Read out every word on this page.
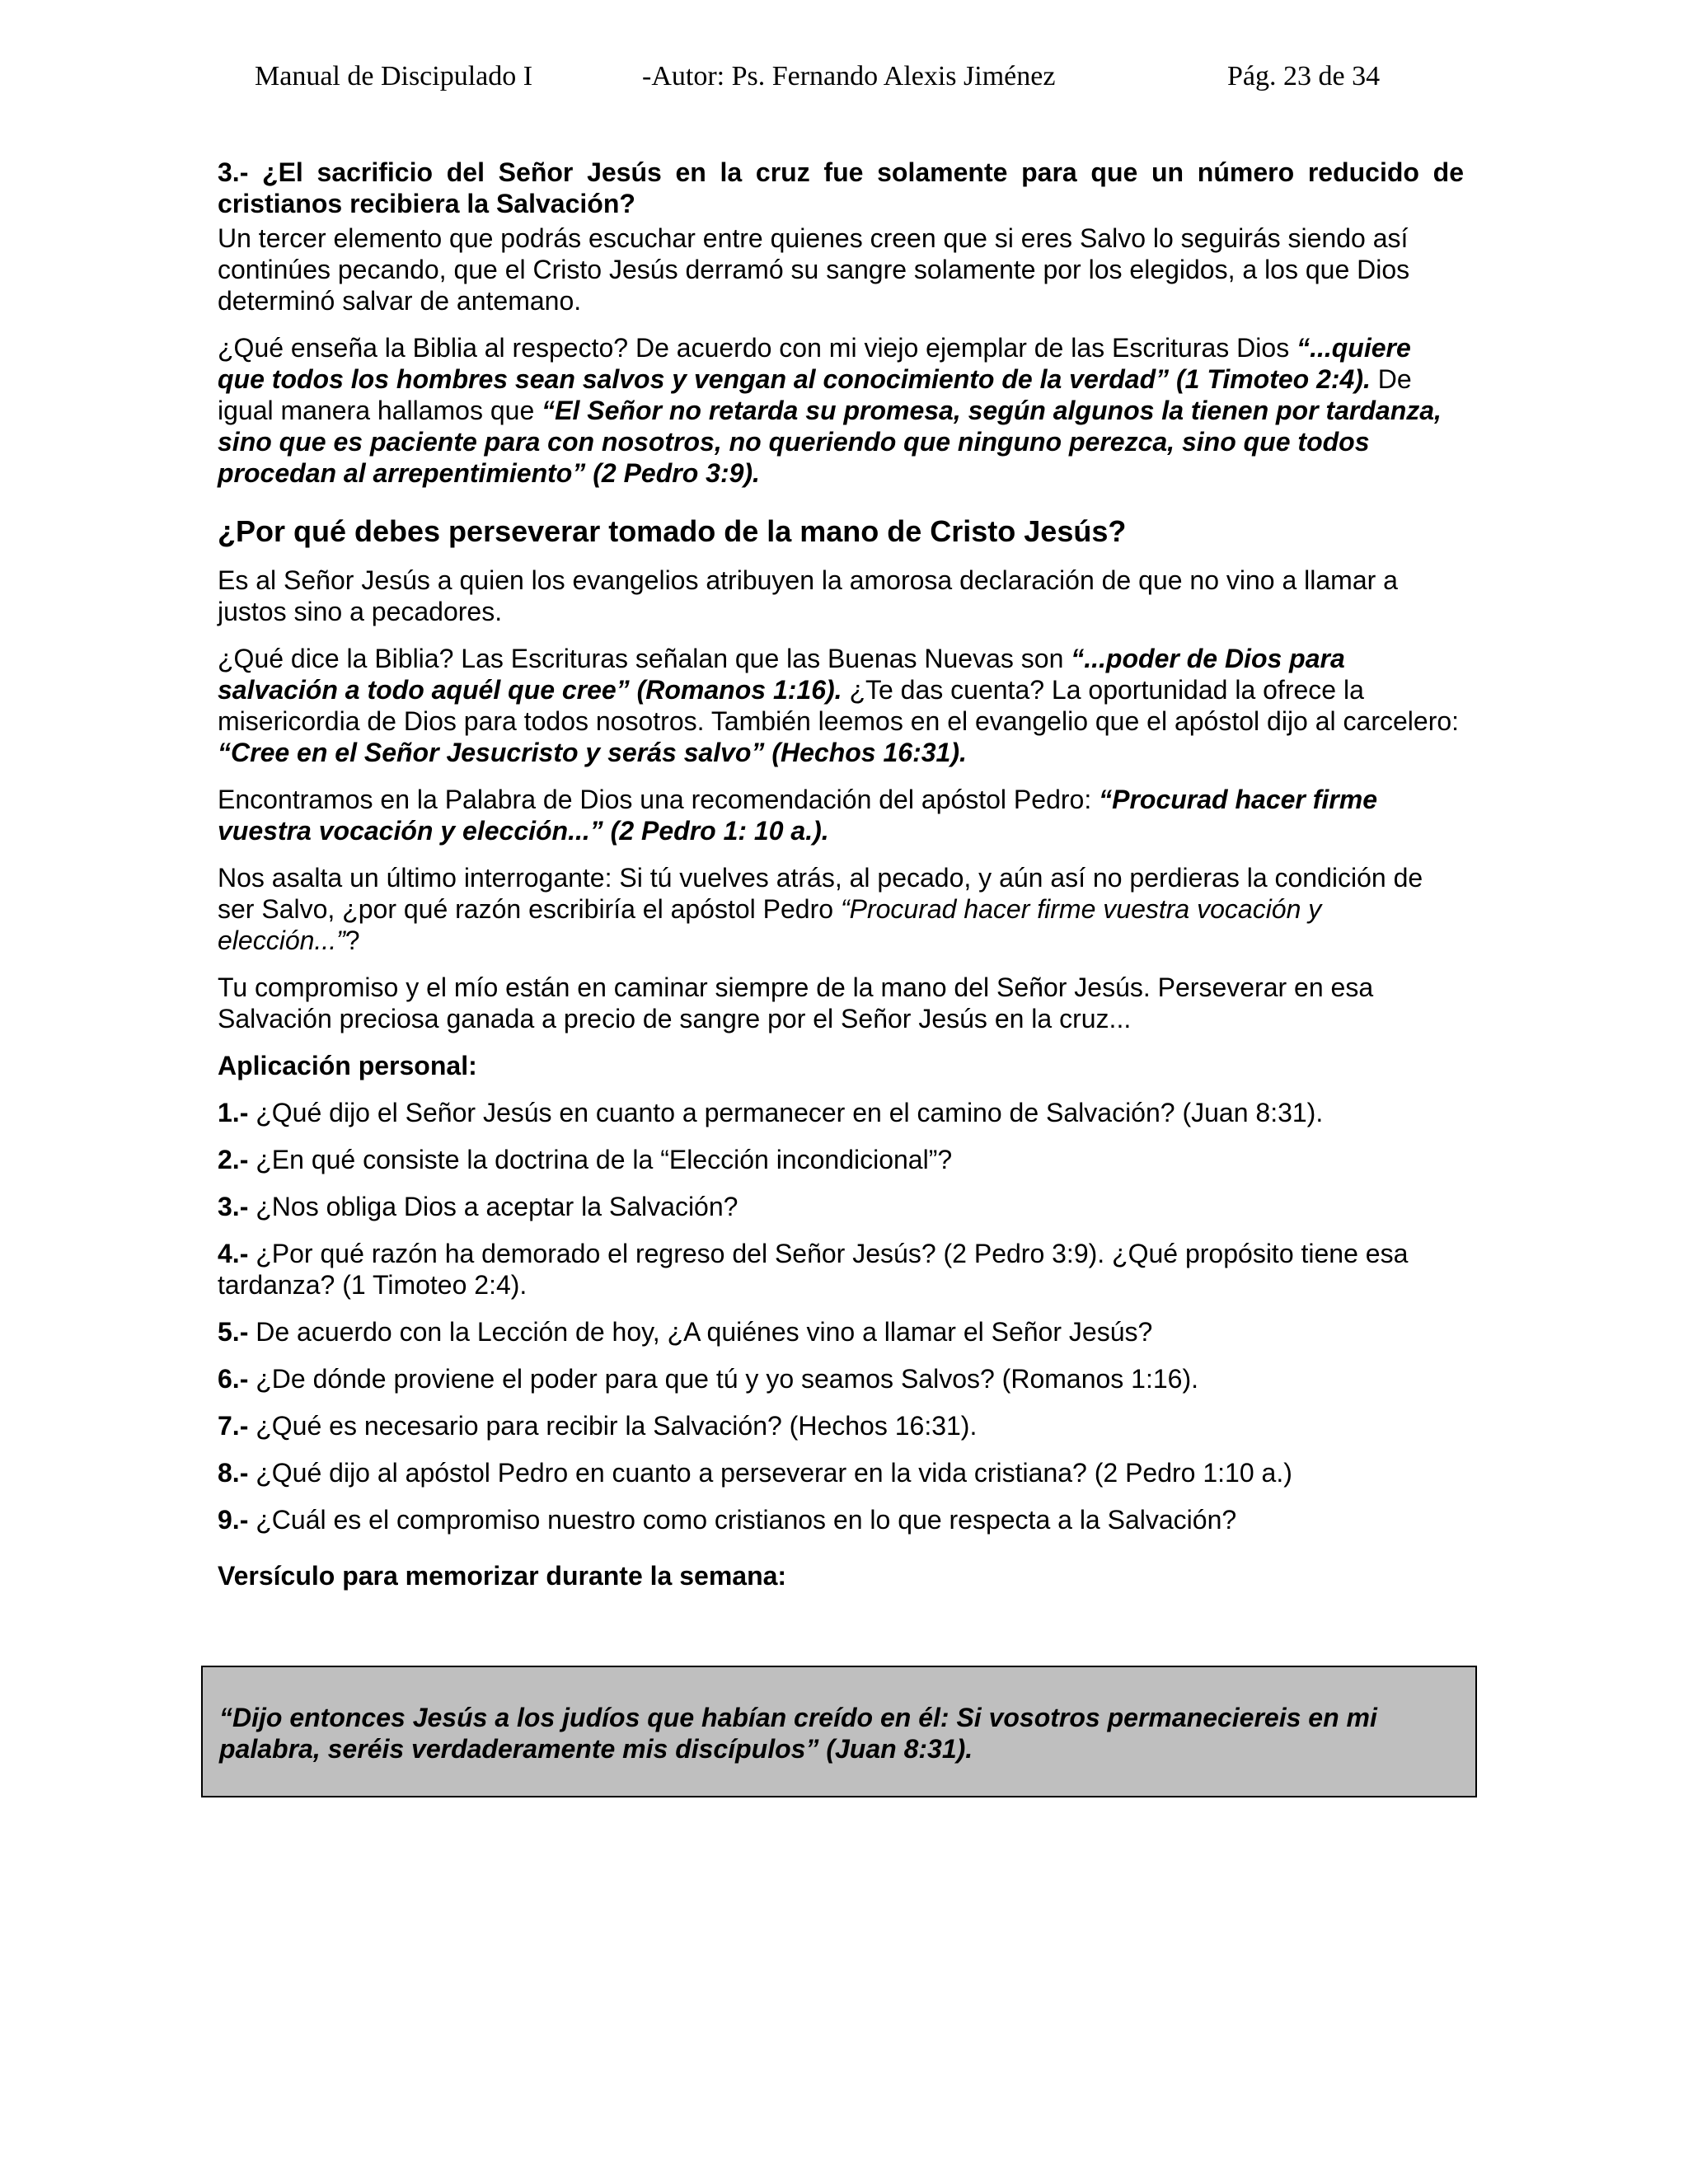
Manual de Discipulado I	-Autor: Ps. Fernando Alexis Jiménez	Pág. 23 de 34

3.- ¿El sacrificio del Señor Jesús en la cruz fue solamente para que un número reducido de cristianos recibiera la Salvación?

Un tercer elemento que podrás escuchar entre quienes creen que si eres Salvo lo seguirás siendo así continúes pecando, que el Cristo Jesús derramó su sangre solamente por los elegidos, a los que Dios determinó salvar de antemano.

¿Qué enseña la Biblia al respecto? De acuerdo con mi viejo ejemplar de las Escrituras Dios “...quiere que todos los hombres sean salvos y vengan al conocimiento de la verdad” (1 Timoteo 2:4). De igual manera hallamos que “El Señor no retarda su promesa, según algunos la tienen por tardanza, sino que es paciente para con nosotros, no queriendo que ninguno perezca, sino que todos procedan al arrepentimiento” (2 Pedro 3:9).

¿Por qué debes perseverar tomado de la mano de Cristo Jesús?

Es al Señor Jesús a quien los evangelios atribuyen la amorosa declaración de que no vino a llamar a justos sino a pecadores.

¿Qué dice la Biblia? Las Escrituras señalan que las Buenas Nuevas son “...poder de Dios para salvación a todo aquél que cree” (Romanos 1:16). ¿Te das cuenta? La oportunidad la ofrece la misericordia de Dios para todos nosotros. También leemos en el evangelio que el apóstol dijo al carcelero: “Cree en el Señor Jesucristo y serás salvo” (Hechos 16:31).

Encontramos en la Palabra de Dios una recomendación del apóstol Pedro: “Procurad hacer firme vuestra vocación y elección...” (2 Pedro 1: 10 a.).

Nos asalta un último interrogante: Si tú vuelves atrás, al pecado, y aún así no perdieras la condición de ser Salvo, ¿por qué razón escribiría el apóstol Pedro “Procurad hacer firme vuestra vocación y elección...”?

Tu compromiso y el mío están en caminar siempre de la mano del Señor Jesús. Perseverar en esa Salvación preciosa ganada a precio de sangre por el Señor Jesús en la cruz...

Aplicación personal:

1.- ¿Qué dijo el Señor Jesús en cuanto a permanecer en el camino de Salvación? (Juan 8:31).
2.- ¿En qué consiste la doctrina de la “Elección incondicional”?
3.- ¿Nos obliga Dios a aceptar la Salvación?
4.- ¿Por qué razón ha demorado el regreso del Señor Jesús? (2 Pedro 3:9). ¿Qué propósito tiene esa tardanza? (1 Timoteo 2:4).
5.- De acuerdo con la Lección de hoy, ¿A quiénes vino a llamar el Señor Jesús?
6.- ¿De dónde proviene el poder para que tú y yo seamos Salvos? (Romanos 1:16).
7.- ¿Qué es necesario para recibir la Salvación? (Hechos 16:31).
8.- ¿Qué dijo al apóstol Pedro en cuanto a perseverar en la vida cristiana? (2 Pedro 1:10 a.)
9.- ¿Cuál es el compromiso nuestro como cristianos en lo que respecta a la Salvación?

Versículo para memorizar durante la semana:

“Dijo entonces Jesús a los judíos que habían creído en él: Si vosotros permaneciereis en mi palabra, seréis verdaderamente mis discípulos” (Juan 8:31).
